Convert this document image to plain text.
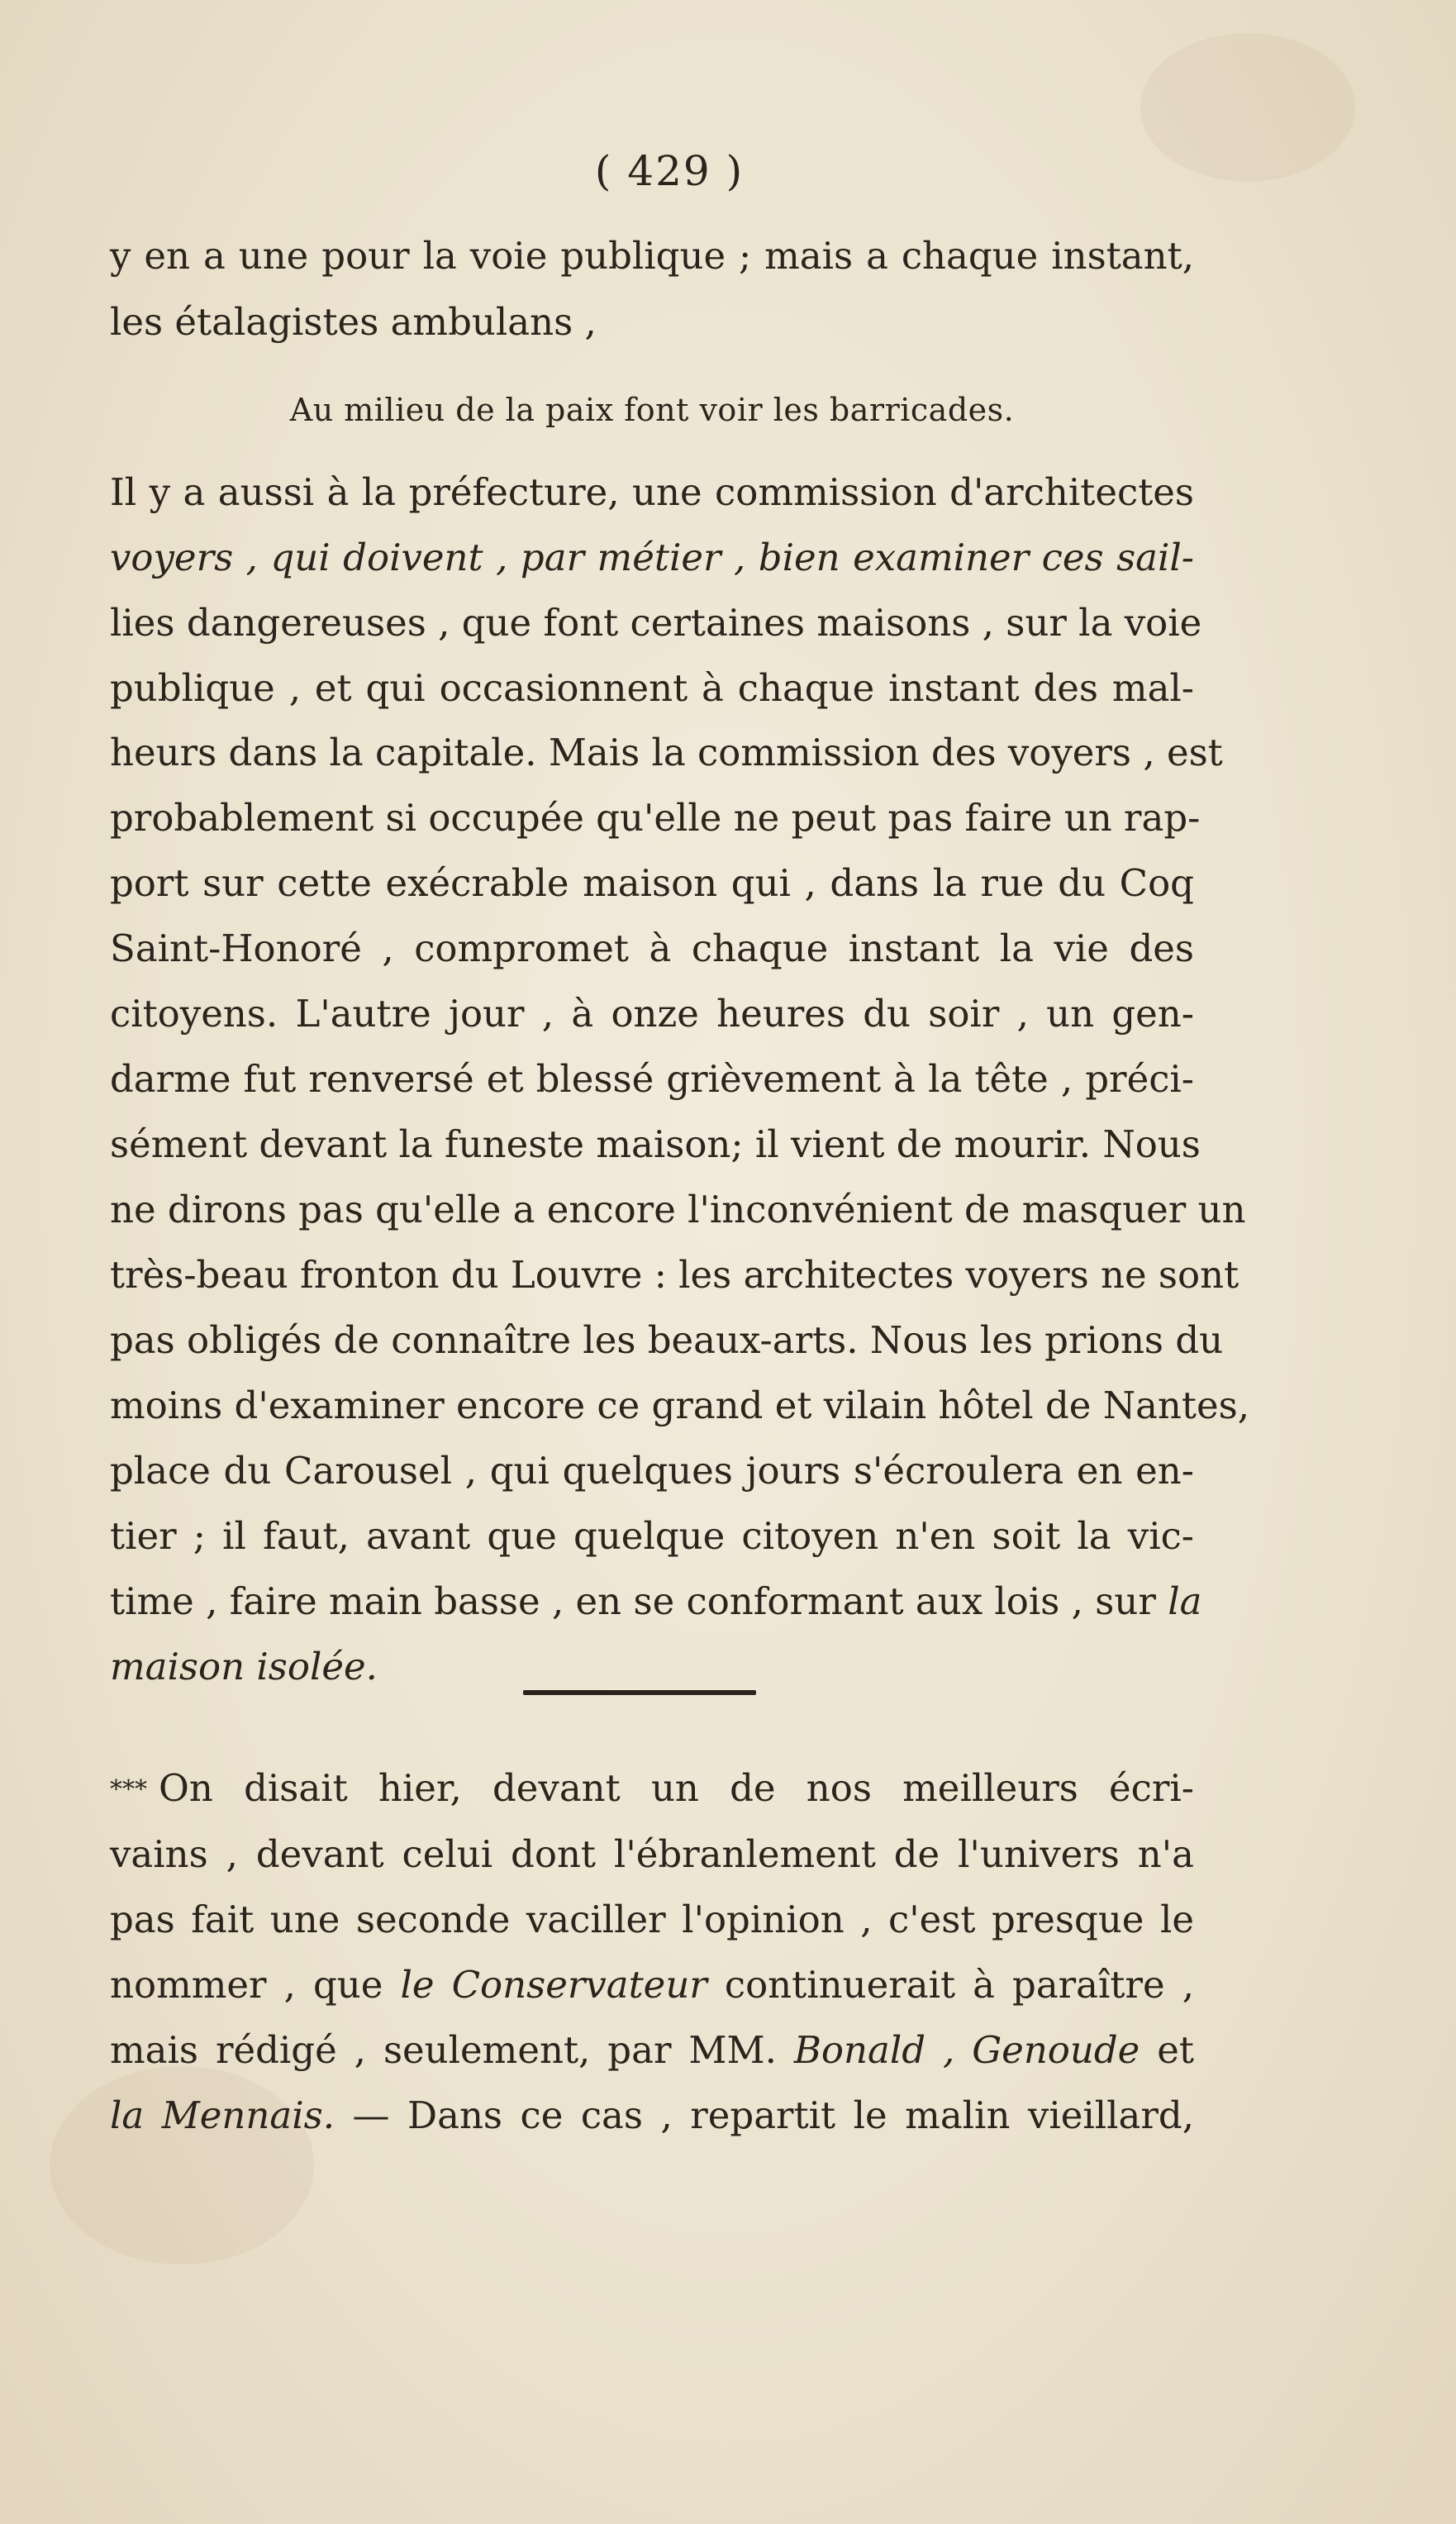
( 429 )
y en a une pour la voie publique ; mais a chaque instant,
les étalagistes ambulans ,
Au milieu de la paix font voir les barricades.
Il y a aussi à la préfecture, une commission d'architectes
voyers , qui doivent , par métier , bien examiner ces sail-
lies dangereuses , que font certaines maisons , sur la voie
publique , et qui occasionnent à chaque instant des mal-
heurs dans la capitale. Mais la commission des voyers , est
probablement si occupée qu'elle ne peut pas faire un rap-
port sur cette exécrable maison qui , dans la rue du Coq
Saint-Honoré , compromet à chaque instant la vie des
citoyens. L'autre jour , à onze heures du soir , un gen-
darme fut renversé et blessé grièvement à la tête , préci-
sément devant la funeste maison; il vient de mourir. Nous
ne dirons pas qu'elle a encore l'inconvénient de masquer un
très-beau fronton du Louvre : les architectes voyers ne sont
pas obligés de connaître les beaux-arts. Nous les prions du
moins d'examiner encore ce grand et vilain hôtel de Nantes,
place du Carousel , qui quelques jours s'écroulera en en-
tier ; il faut, avant que quelque citoyen n'en soit la vic-
time , faire main basse , en se conformant aux lois , sur la
maison isolée.
*** On disait hier, devant un de nos meilleurs écri-
vains , devant celui dont l'ébranlement de l'univers n'a
pas fait une seconde vaciller l'opinion , c'est presque le
nommer , que le Conservateur continuerait à paraître ,
mais rédigé , seulement, par MM. Bonald , Genoude et
la Mennais. — Dans ce cas , repartit le malin vieillard,
